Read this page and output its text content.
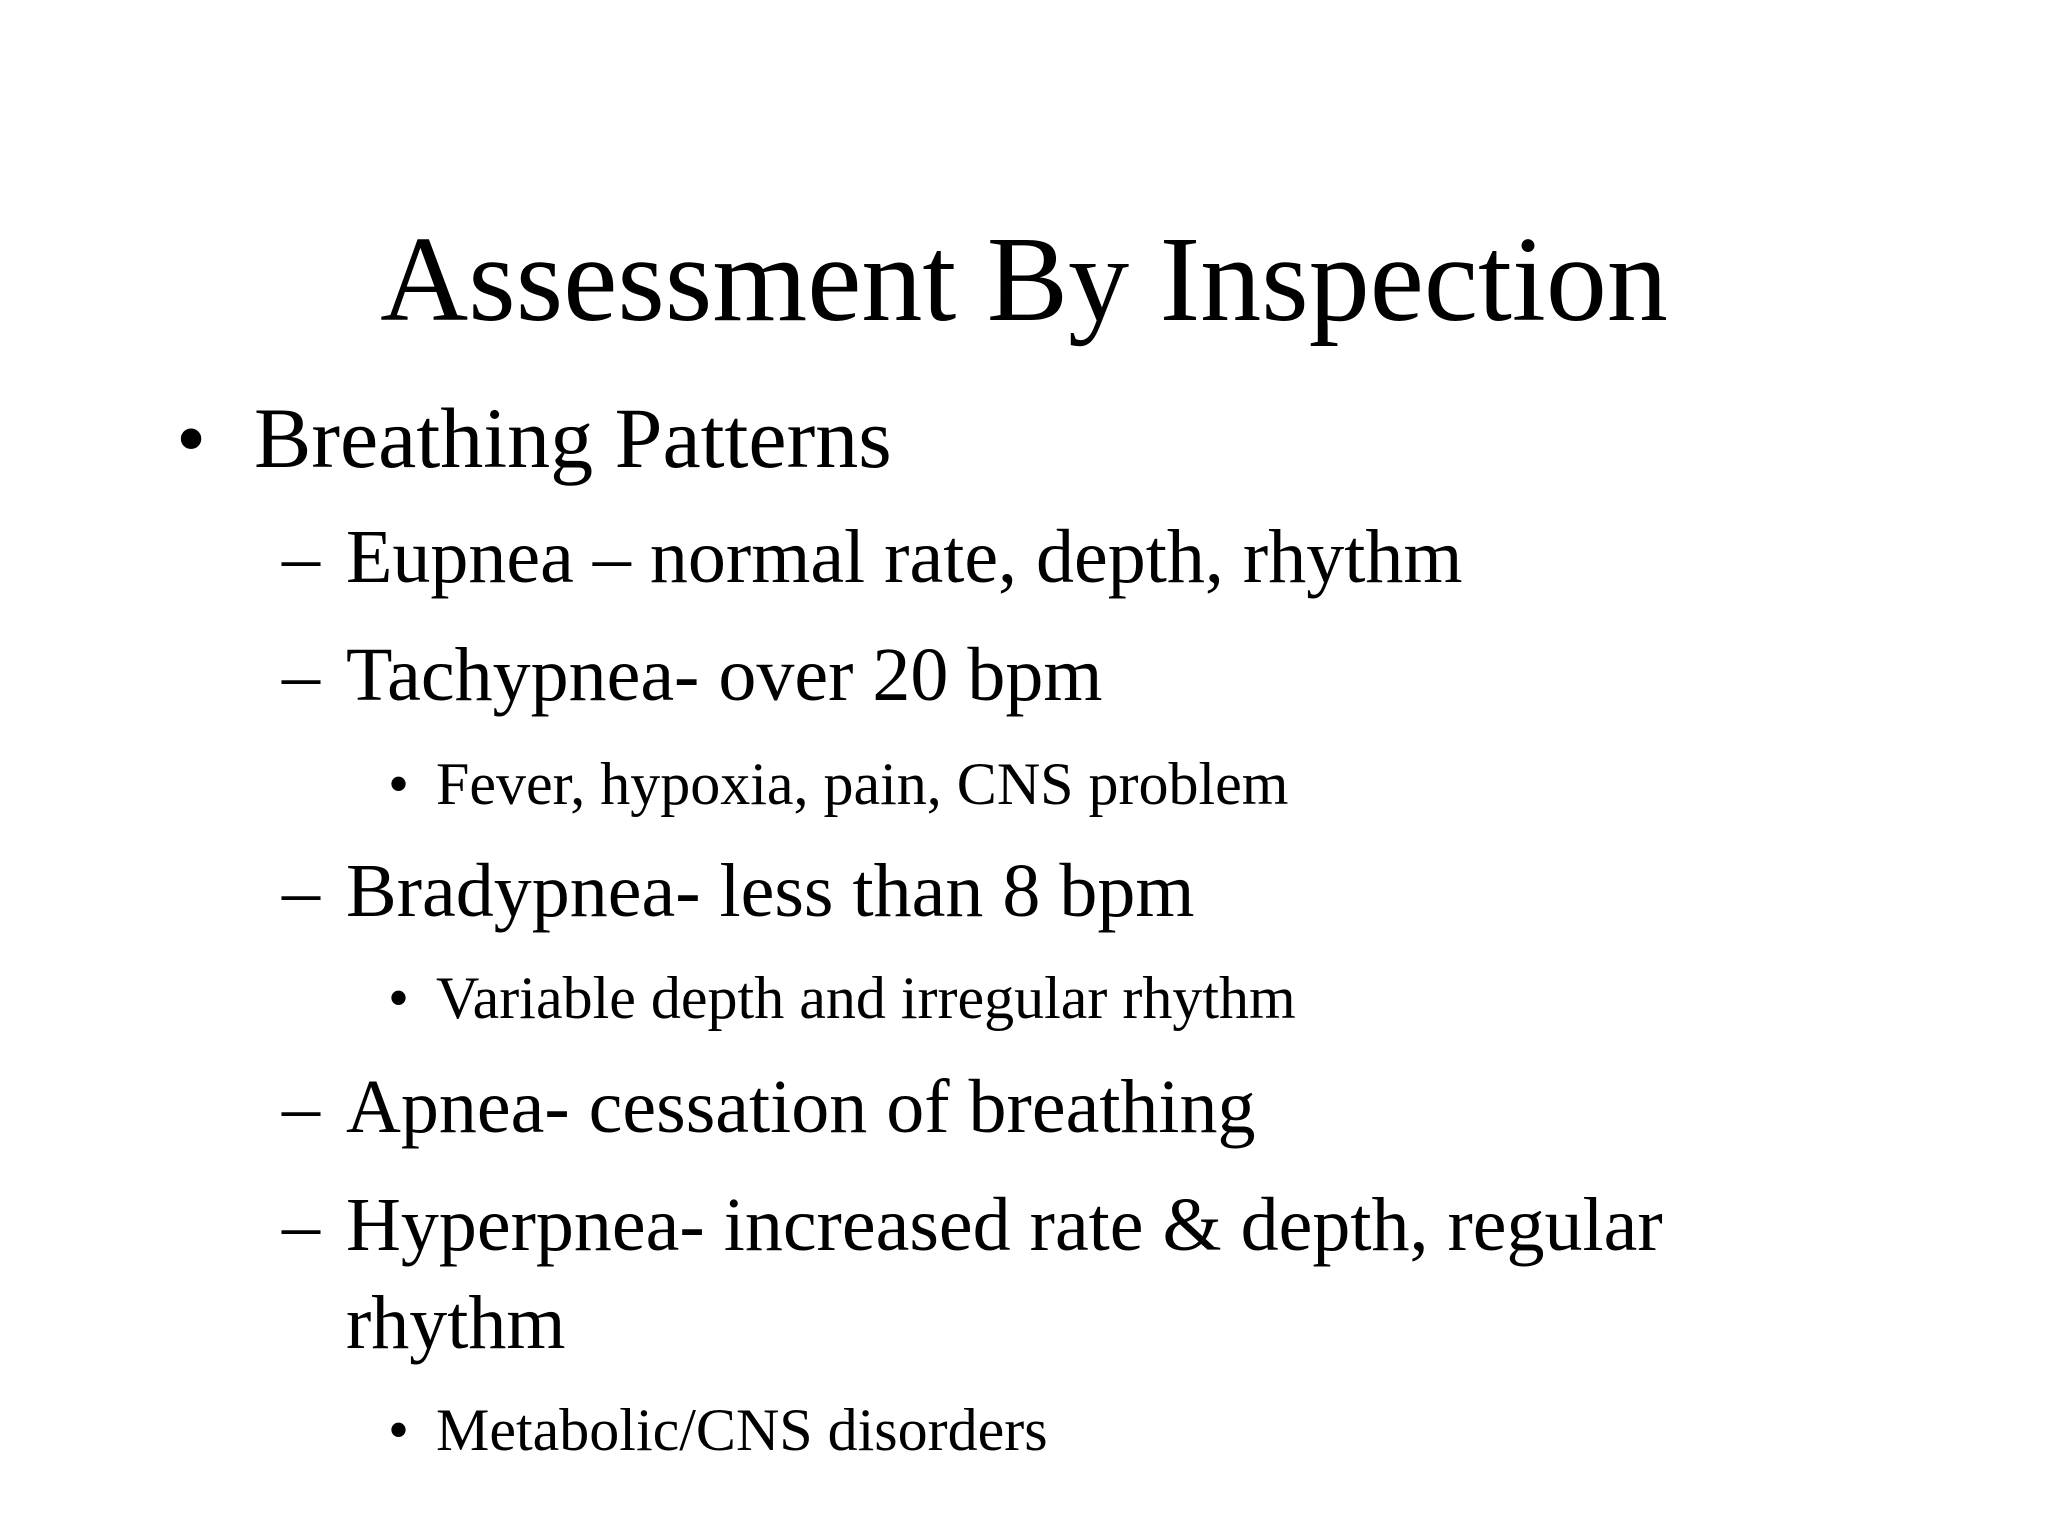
Assessment By Inspection
• Breathing Patterns
– Eupnea – normal rate, depth, rhythm
– Tachypnea- over 20 bpm
• Fever, hypoxia, pain, CNS problem
– Bradypnea- less than 8 bpm
• Variable depth and irregular rhythm
– Apnea- cessation of breathing
– Hyperpnea- increased rate & depth, regular
rhythm
• Metabolic/CNS disorders
